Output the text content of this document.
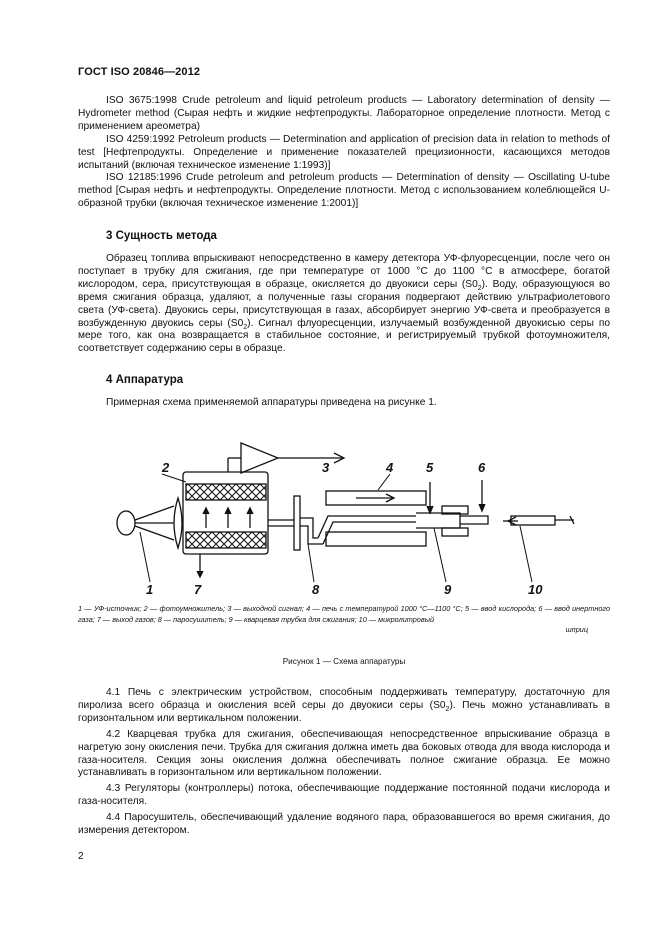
ГОСТ ISO 20846—2012

ISO 3675:1998 Crude petroleum and liquid petroleum products — Laboratory determination of density — Hydrometer method (Сырая нефть и жидкие нефтепродукты. Лабораторное определение плотности. Метод с применением ареометра)

ISO 4259:1992 Petroleum products — Determination and application of precision data in relation to methods of test [Нефтепродукты. Определение и применение показателей прецизионности, касающихся методов испытаний (включая техническое изменение 1:1993)]

ISO 12185:1996 Crude petroleum and petroleum products — Determination of density — Oscillating U-tube method [Сырая нефть и нефтепродукты. Определение плотности. Метод с использованием колеблющейся U-образной трубки (включая техническое изменение 1:2001)]

3 Сущность метода

Образец топлива впрыскивают непосредственно в камеру детектора УФ-флуоресценции, после чего он поступает в трубку для сжигания, где при температуре от 1000 °С до 1100 °С в атмосфере, богатой кислородом, сера, присутствующая в образце, окисляется до двуокиси серы $(S0_2)$. Воду, образующуюся во время сжигания образца, удаляют, а полученные газы сгорания подвергают действию ультрафиолетового света (УФ-света). Двуокись серы, присутствующая в газах, абсорбирует энергию УФ-света и преобразуется в возбужденную двуокись серы $(S0_2)$. Сигнал флуоресценции, излучаемый возбужденной двуокисью серы по мере того, как она возвращается в стабильное состояние, и регистрируемый трубкой фотоумножителя, соответствует содержанию серы в образце.

4 Аппаратура

Примерная схема применяемой аппаратуры приведена на рисунке 1.

1
2	3	4	5	6
7	8	9	10
1 — УФ-источник; 2 — фотоумножитель; 3 — выходной сигнал; 4 — печь с температурой 1000 °С—1100 °С; 5 — ввод кислорода; 6 — ввод инертного газа; 7 — выход газов; 8 — паросушитель; 9 — кварцевая трубка для сжигания; 10 — микролитровый
шприц
Рисунок 1 — Схема аппаратуры

4.1 Печь с электрическим устройством, способным поддерживать температуру, достаточную для пиролиза всего образца и окисления всей серы до двуокиси серы $(S0_2)$. Печь можно устанавливать в горизонтальном или вертикальном положении.

4.2 Кварцевая трубка для сжигания, обеспечивающая непосредственное впрыскивание образца в нагретую зону окисления печи. Трубка для сжигания должна иметь два боковых отвода для ввода кислорода и газа-носителя. Секция зоны окисления должна обеспечивать полное сжигание образца. Ее можно устанавливать в горизонтальном или вертикальном положении.

4.3 Регуляторы (контроллеры) потока, обеспечивающие поддержание постоянной подачи кислорода и газа-носителя.

4.4 Паросушитель, обеспечивающий удаление водяного пара, образовавшегося во время сжигания, до измерения детектором.

2
